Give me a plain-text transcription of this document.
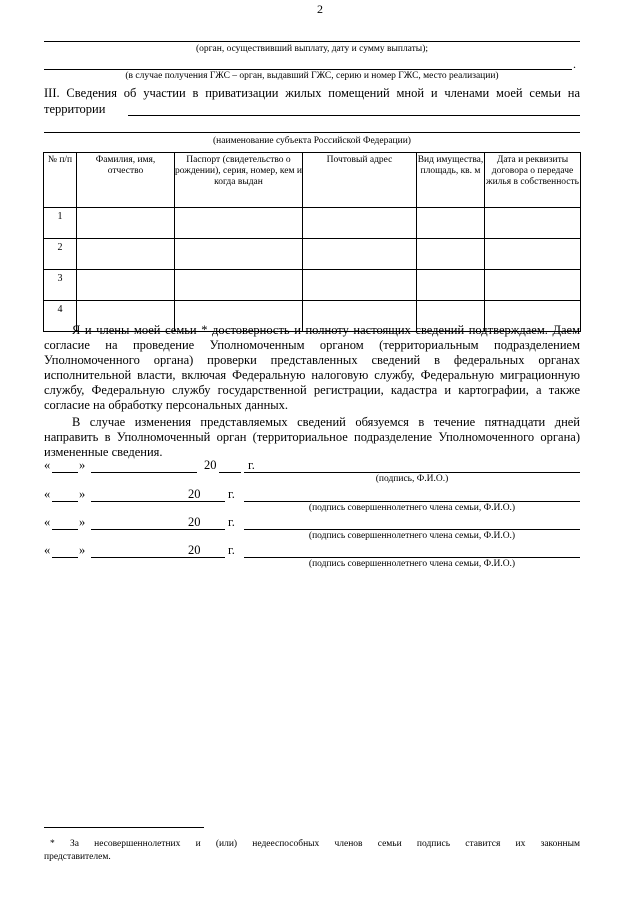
2
(орган, осуществивший выплату, дату и сумму выплаты);
.
(в случае получения ГЖС – орган, выдавший ГЖС, серию и номер ГЖС, место реализации)
III. Сведения об участии в приватизации жилых помещений мной и членами моей семьи на
территории
(наименование субъекта Российской Федерации)
№ п/п	Фамилия, имя, отчество	Паспорт (свидетельство о рождении), серия, номер, кем и когда выдан	Почтовый адрес	Вид имущества, площадь, кв. м	Дата и реквизиты договора о передаче жилья в собственность
1					
2					
3					
4					
Я и члены моей семьи * достоверность и полноту настоящих сведений подтверждаем. Даем
согласие на проведение Уполномоченным органом (территориальным подразделением
Уполномоченного органа) проверки представленных сведений в федеральных органах
исполнительной власти, включая Федеральную налоговую службу, Федеральную миграционную
службу, Федеральную службу государственной регистрации, кадастра и картографии, а также
согласие на обработку персональных данных.
В случае изменения представляемых сведений обязуемся в течение пятнадцати дней
направить в Уполномоченный орган (территориальное подразделение Уполномоченного органа)
измененные сведения.
« »	20	г.
(подпись, Ф.И.О.)
« »	20 г.
(подпись совершеннолетнего члена семьи, Ф.И.О.)
« »	20 г.
(подпись совершеннолетнего члена семьи, Ф.И.О.)
« »	20 г.
(подпись совершеннолетнего члена семьи, Ф.И.О.)
* За несовершеннолетних и (или) недееспособных членов семьи подпись ставится их законным
представителем.
